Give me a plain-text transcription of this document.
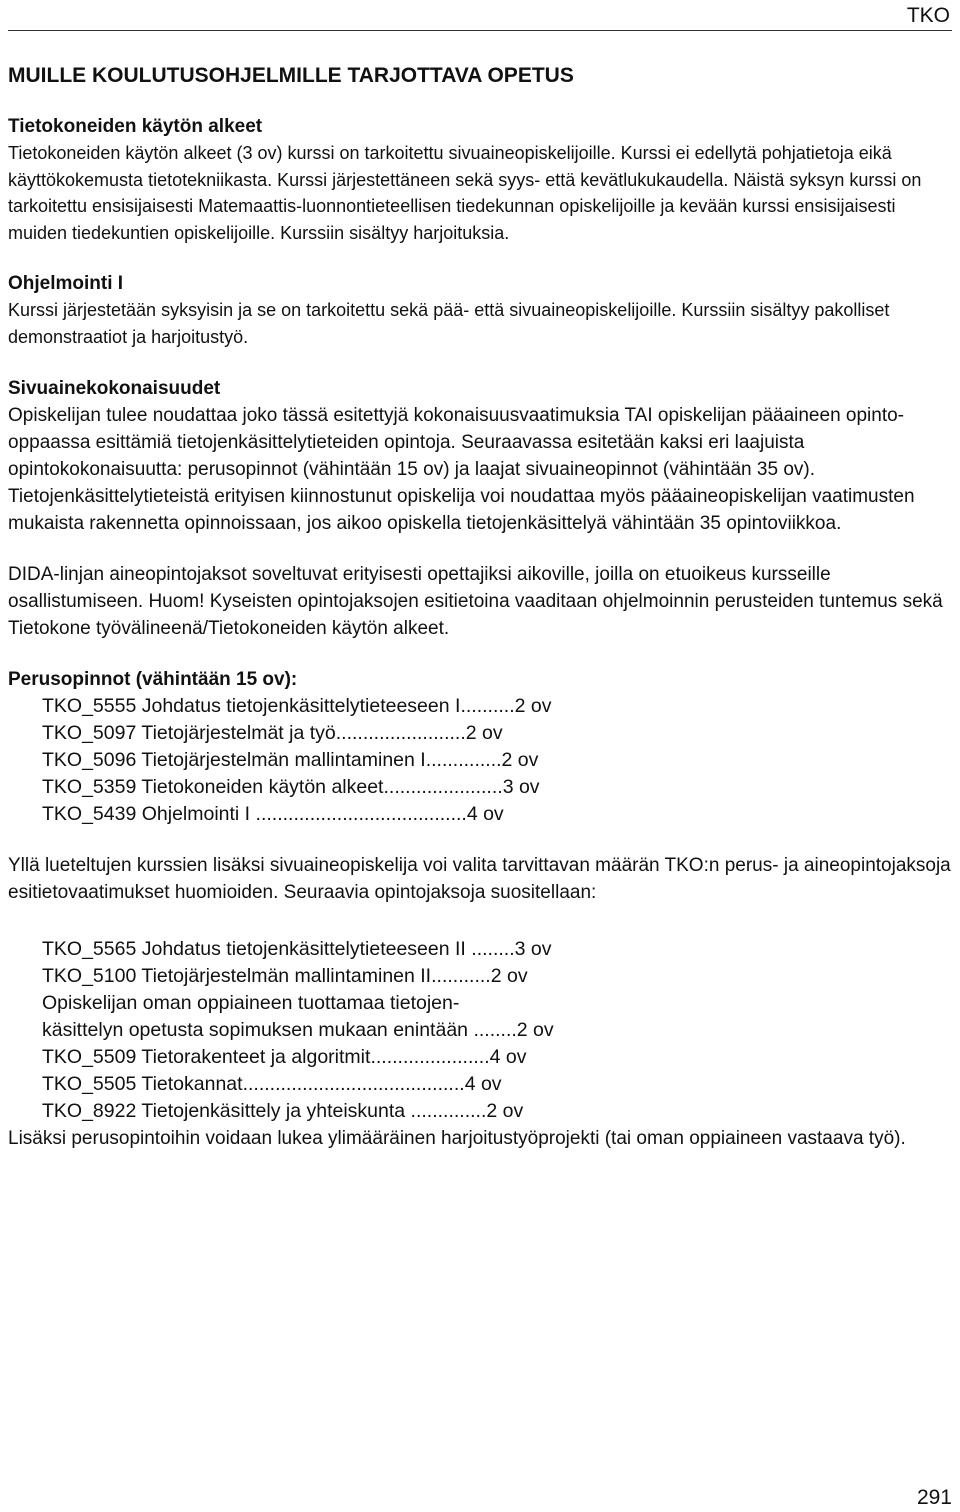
TKO
MUILLE KOULUTUSOHJELMILLE TARJOTTAVA OPETUS
Tietokoneiden käytön alkeet

Tietokoneiden käytön alkeet (3 ov) kurssi on tarkoitettu sivuaineopiskelijoille. Kurssi ei edellytä pohjatietoja eikä käyttökokemusta tietotekniikasta. Kurssi järjestettäneen sekä syys- että kevätlukukaudella. Näistä syksyn kurssi on tarkoitettu ensisijaisesti Matemaattis-luonnontieteellisen tiedekunnan opiskelijoille ja kevään kurssi ensisijaisesti muiden tiedekuntien opiskelijoille. Kurssiin sisältyy harjoituksia.

Ohjelmointi I

Kurssi järjestetään syksyisin ja se on tarkoitettu sekä pää- että sivuaineopiskelijoille. Kurssiin sisältyy pakolliset demonstraatiot ja harjoitustyö.

Sivuainekokonaisuudet

Opiskelijan tulee noudattaa joko tässä esitettyjä kokonaisuusvaatimuksia TAI opiskelijan pääaineen opinto-oppaassa esittämiä tietojenkäsittelytieteiden opintoja. Seuraavassa esitetään kaksi eri laajuista opintokokonaisuutta: perusopinnot (vähintään 15 ov) ja laajat sivuaineopinnot (vähintään 35 ov). Tietojenkäsittelytieteistä erityisen kiinnostunut opiskelija voi noudattaa myös pääaineopiskelijan vaatimusten mukaista rakennetta opinnoissaan, jos aikoo opiskella tietojenkäsittelyä vähintään 35 opintoviikkoa.

DIDA-linjan aineopintojaksot soveltuvat erityisesti opettajiksi aikoville, joilla on etuoikeus kursseille osallistumiseen. Huom! Kyseisten opintojaksojen esitietoina vaaditaan ohjelmoinnin perusteiden tuntemus sekä Tietokone työvälineenä/Tietokoneiden käytön alkeet.

Perusopinnot (vähintään 15 ov):
TKO_5555 Johdatus tietojenkäsittelytieteeseen I..........2 ov
TKO_5097 Tietojärjestelmät ja työ........................2 ov
TKO_5096 Tietojärjestelmän mallintaminen I..............2 ov
TKO_5359 Tietokoneiden käytön alkeet......................3 ov
TKO_5439 Ohjelmointi I .......................................4 ov

Yllä lueteltujen kurssien lisäksi sivuaineopiskelija voi valita tarvittavan määrän TKO:n perus- ja aineopintojaksoja esitietovaatimukset huomioiden. Seuraavia opintojaksoja suositellaan:

TKO_5565 Johdatus tietojenkäsittelytieteeseen II ........3 ov
TKO_5100 Tietojärjestelmän mallintaminen II...........2 ov
Opiskelijan oman oppiaineen tuottamaa tietojen-
käsittelyn opetusta sopimuksen mukaan enintään ........2 ov
TKO_5509 Tietorakenteet ja algoritmit......................4 ov
TKO_5505 Tietokannat.........................................4 ov
TKO_8922 Tietojenkäsittely ja yhteiskunta ..............2 ov

Lisäksi perusopintoihin voidaan lukea ylimääräinen harjoitustyöprojekti (tai oman oppiaineen vastaava työ).

291
